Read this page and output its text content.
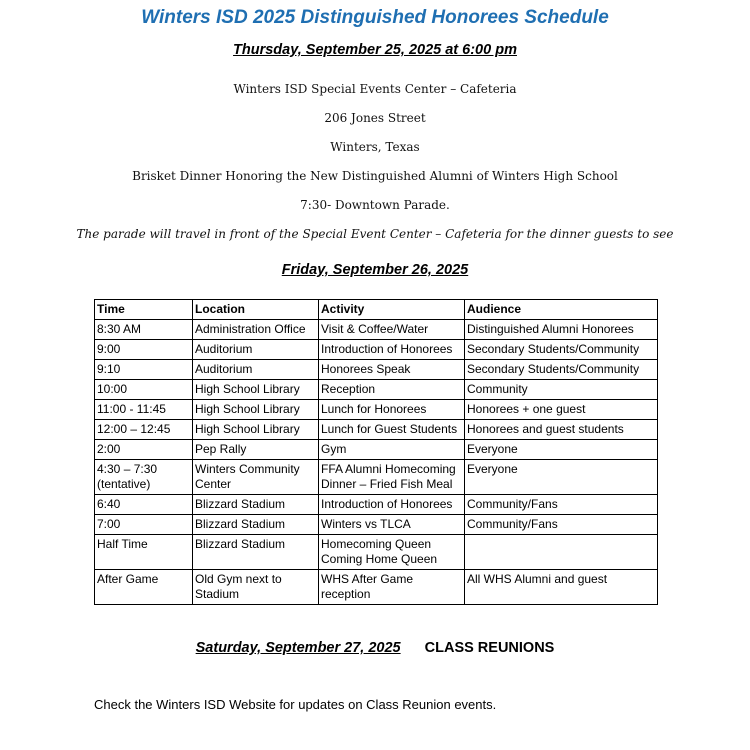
Winters ISD 2025 Distinguished Honorees Schedule
Thursday, September 25, 2025 at 6:00 pm
Winters ISD Special Events Center – Cafeteria
206 Jones Street
Winters, Texas
Brisket Dinner Honoring the New Distinguished Alumni of Winters High School
7:30- Downtown Parade.
The parade will travel in front of the Special Event Center – Cafeteria for the dinner guests to see
Friday, September 26, 2025
Time	Location	Activity	Audience
8:30 AM	Administration Office	Visit & Coffee/Water	Distinguished Alumni Honorees
9:00	Auditorium	Introduction of Honorees	Secondary Students/Community
9:10	Auditorium	Honorees Speak	Secondary Students/Community
10:00	High School Library	Reception	Community
11:00 - 11:45	High School Library	Lunch for Honorees	Honorees + one guest
12:00 – 12:45	High School Library	Lunch for Guest Students	Honorees and guest students
2:00	Pep Rally	Gym	Everyone
4:30 – 7:30 (tentative)	Winters Community Center	FFA Alumni Homecoming Dinner – Fried Fish Meal	Everyone
6:40	Blizzard Stadium	Introduction of Honorees	Community/Fans
7:00	Blizzard Stadium	Winters vs TLCA	Community/Fans
Half Time	Blizzard Stadium	Homecoming Queen Coming Home Queen	
After Game	Old Gym next to Stadium	WHS After Game reception	All WHS Alumni and guest
Saturday, September 27, 2025 CLASS REUNIONS
Check the Winters ISD Website for updates on Class Reunion events.
